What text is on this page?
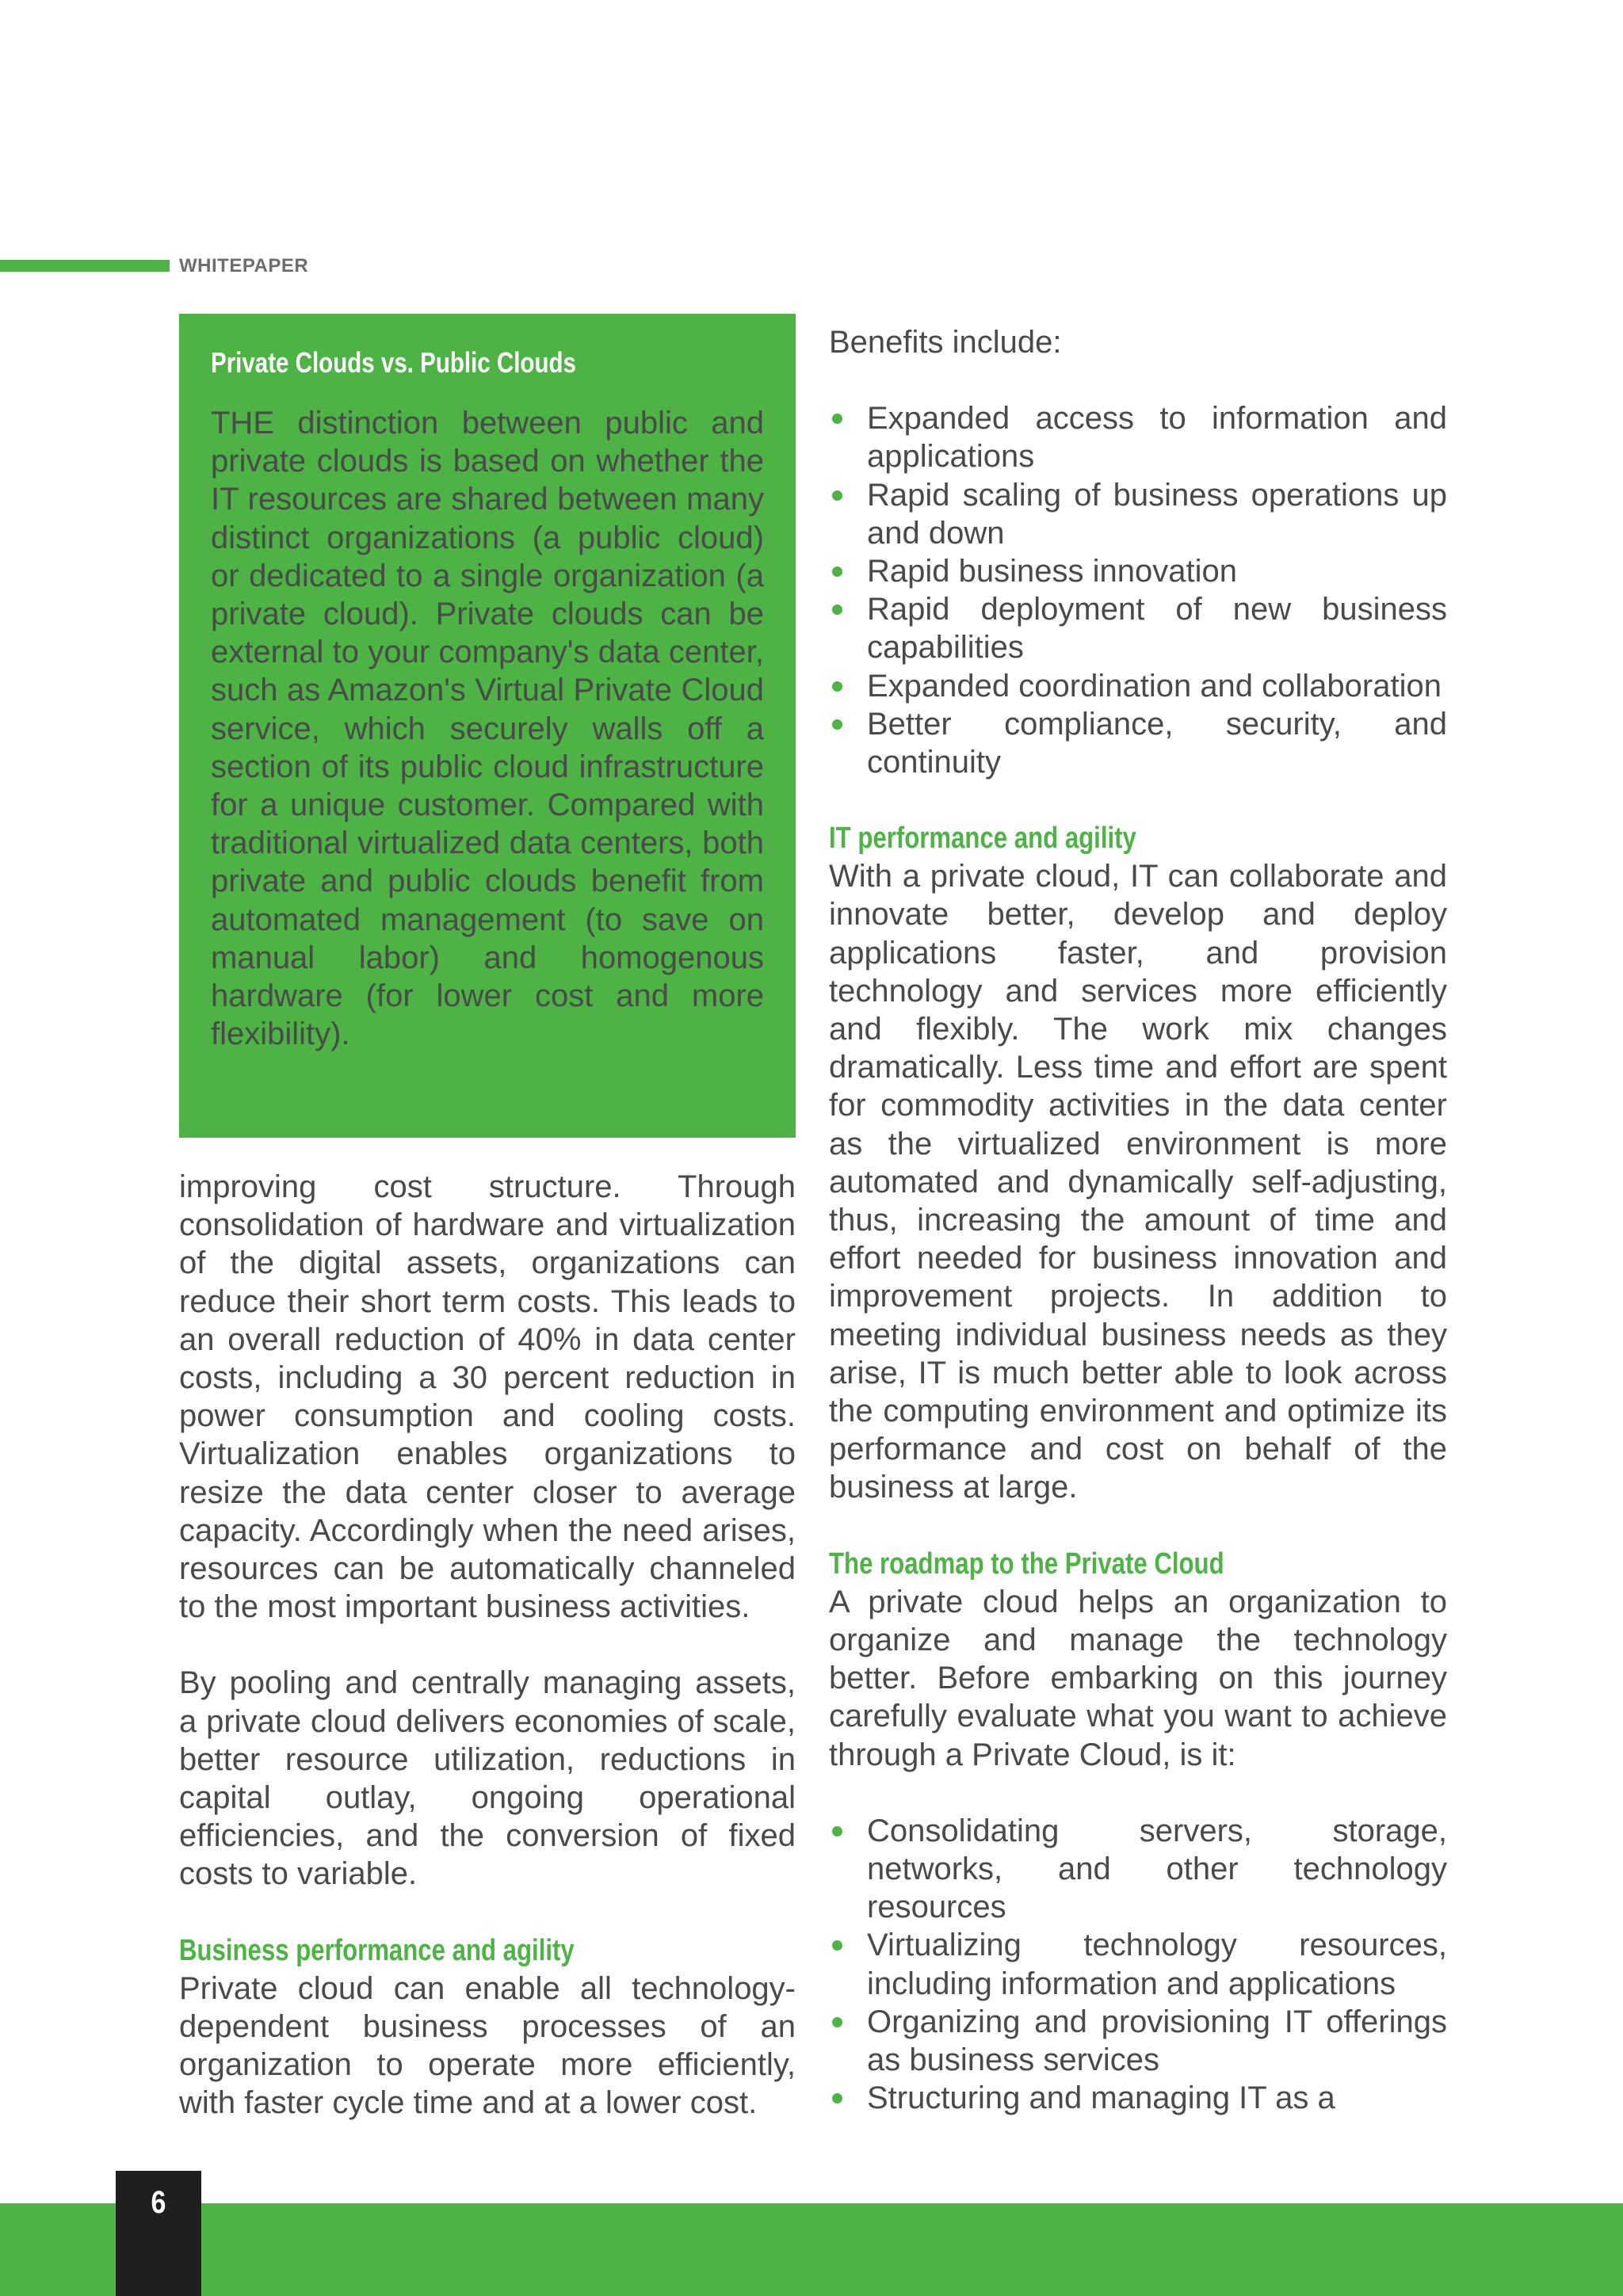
WHITEPAPER
Private Clouds vs. Public Clouds
THE distinction between public and private clouds is based on whether the IT resources are shared between many distinct organizations (a public cloud) or dedicated to a single organization (a private cloud). Private clouds can be external to your company's data center, such as Amazon's Virtual Private Cloud service, which securely walls off a section of its public cloud infrastructure for a unique customer. Compared with traditional virtualized data centers, both private and public clouds benefit from automated management (to save on manual labor) and homogenous hardware (for lower cost and more flexibility).
improving cost structure. Through consolidation of hardware and virtualization of the digital assets, organizations can reduce their short term costs. This leads to an overall reduction of 40% in data center costs, including a 30 percent reduction in power consumption and cooling costs. Virtualization enables organizations to resize the data center closer to average capacity. Accordingly when the need arises, resources can be automatically channeled to the most important business activities.
By pooling and centrally managing assets, a private cloud delivers economies of scale, better resource utilization, reductions in capital outlay, ongoing operational efficiencies, and the conversion of fixed costs to variable.
Business performance and agility
Private cloud can enable all technology-dependent business processes of an organization to operate more efficiently, with faster cycle time and at a lower cost.
Benefits include:
Expanded access to information and applications
Rapid scaling of business operations up and down
Rapid business innovation
Rapid deployment of new business capabilities
Expanded coordination and collaboration
Better compliance, security, and continuity
IT performance and agility
With a private cloud, IT can collaborate and innovate better, develop and deploy applications faster, and provision technology and services more efficiently and flexibly. The work mix changes dramatically. Less time and effort are spent for commodity activities in the data center as the virtualized environment is more automated and dynamically self-adjusting, thus, increasing the amount of time and effort needed for business innovation and improvement projects. In addition to meeting individual business needs as they arise, IT is much better able to look across the computing environment and optimize its performance and cost on behalf of the business at large.
The roadmap to the Private Cloud
A private cloud helps an organization to organize and manage the technology better. Before embarking on this journey carefully evaluate what you want to achieve through a Private Cloud, is it:
Consolidating servers, storage, networks, and other technology resources
Virtualizing technology resources, including information and applications
Organizing and provisioning IT offerings as business services
Structuring and managing IT as a
6
